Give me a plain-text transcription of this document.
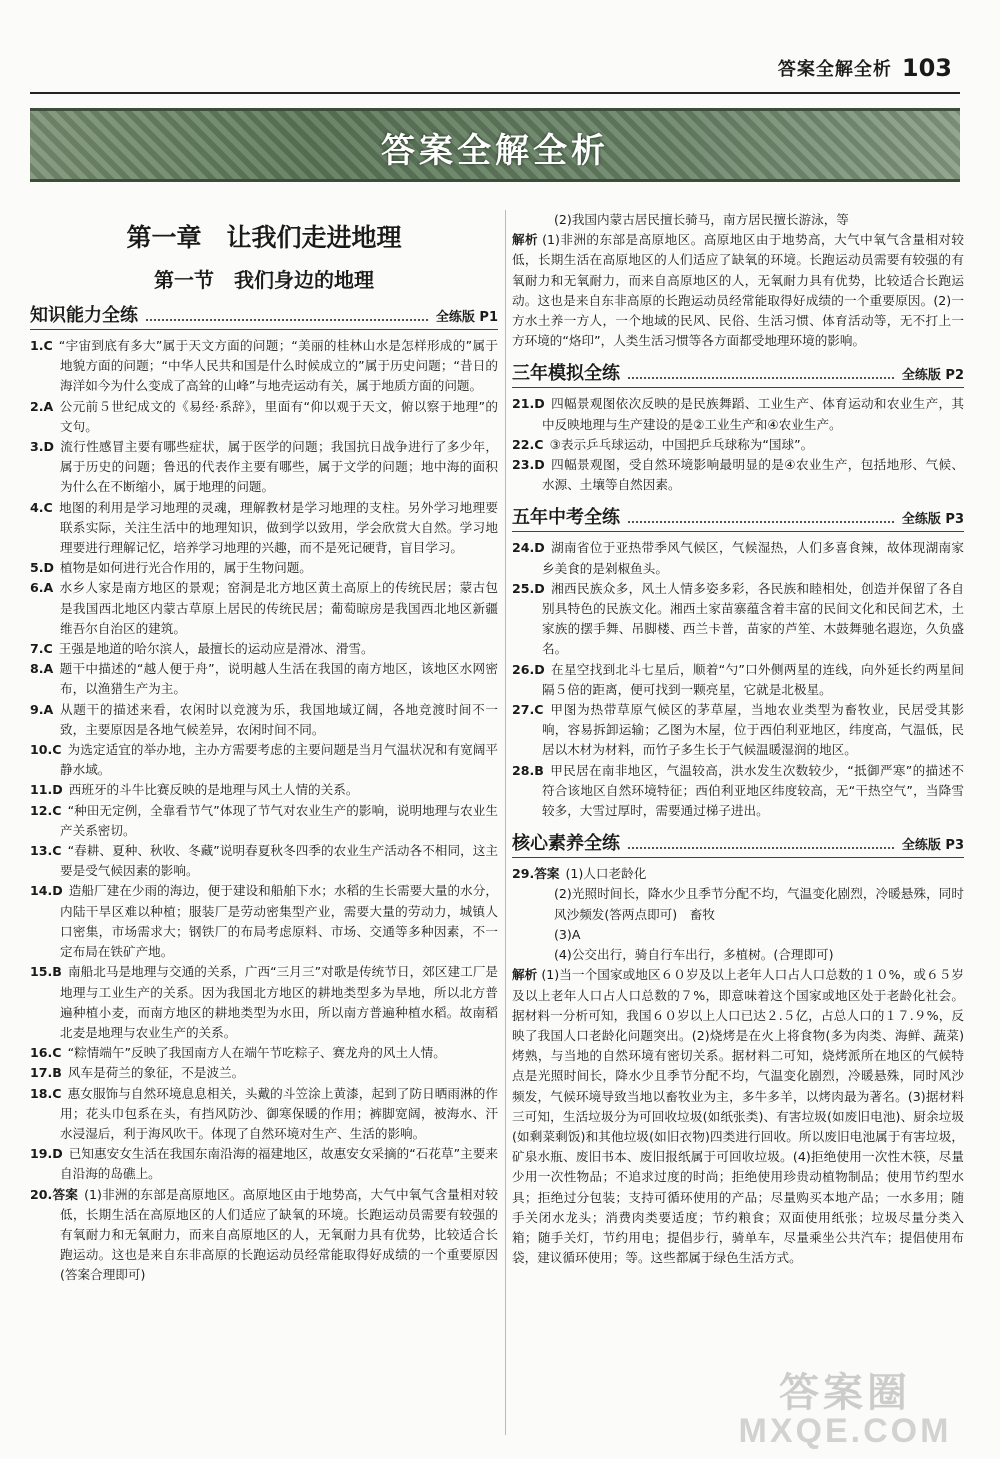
答案全解全析 103
答案全解全析
第一章　让我们走进地理
第一节　我们身边的地理
知识能力全练	全练版 P1

1.C “宇宙到底有多大”属于天文方面的问题；“美丽的桂林山水是怎样形成的”属于地貌方面的问题；“中华人民共和国是什么时候成立的”属于历史问题；“昔日的海洋如今为什么变成了高耸的山峰”与地壳运动有关，属于地质方面的问题。

2.A 公元前５世纪成文的《易经·系辞》，里面有“仰以观于天文，俯以察于地理”的文句。

3.D 流行性感冒主要有哪些症状，属于医学的问题；我国抗日战争进行了多少年，属于历史的问题；鲁迅的代表作主要有哪些，属于文学的问题；地中海的面积为什么在不断缩小，属于地理的问题。

4.C 地图的利用是学习地理的灵魂，理解教材是学习地理的支柱。另外学习地理要联系实际，关注生活中的地理知识，做到学以致用，学会欣赏大自然。学习地理要进行理解记忆，培养学习地理的兴趣，而不是死记硬背，盲目学习。

5.D 植物是如何进行光合作用的，属于生物问题。

6.A 水乡人家是南方地区的景观；窑洞是北方地区黄土高原上的传统民居；蒙古包是我国西北地区内蒙古草原上居民的传统民居；葡萄晾房是我国西北地区新疆维吾尔自治区的建筑。

7.C 王强是地道的哈尔滨人，最擅长的运动应是滑冰、滑雪。

8.A 题干中描述的“越人便于舟”，说明越人生活在我国的南方地区，该地区水网密布，以渔猎生产为主。

9.A 从题干的描述来看，农闲时以竞渡为乐，我国地域辽阔，各地竞渡时间不一致，主要原因是各地气候差异，农闲时间不同。

10.C 为选定适宜的举办地，主办方需要考虑的主要问题是当月气温状况和有宽阔平静水域。

11.D 西班牙的斗牛比赛反映的是地理与风土人情的关系。

12.C “种田无定例，全靠看节气”体现了节气对农业生产的影响，说明地理与农业生产关系密切。

13.C “春耕、夏种、秋收、冬藏”说明春夏秋冬四季的农业生产活动各不相同，这主要是受气候因素的影响。

14.D 造船厂建在少雨的海边，便于建设和船舶下水；水稻的生长需要大量的水分，内陆干旱区难以种植；服装厂是劳动密集型产业，需要大量的劳动力，城镇人口密集，市场需求大；钢铁厂的布局考虑原料、市场、交通等多种因素，不一定布局在铁矿产地。

15.B 南船北马是地理与交通的关系，广西“三月三”对歌是传统节日，郊区建工厂是地理与工业生产的关系。因为我国北方地区的耕地类型多为旱地，所以北方普遍种植小麦，而南方地区的耕地类型为水田，所以南方普遍种植水稻。故南稻北麦是地理与农业生产的关系。

16.C “粽情端午”反映了我国南方人在端午节吃粽子、赛龙舟的风土人情。

17.B 风车是荷兰的象征，不是波兰。

18.C 惠女服饰与自然环境息息相关，头戴的斗笠涂上黄漆，起到了防日晒雨淋的作用；花头巾包系在头，有挡风防沙、御寒保暖的作用；裤脚宽阔，被海水、汗水浸湿后，利于海风吹干。体现了自然环境对生产、生活的影响。

19.D 已知惠安女生活在我国东南沿海的福建地区，故惠安女采摘的“石花草”主要来自沿海的岛礁上。

20.答案 (1)非洲的东部是高原地区。高原地区由于地势高，大气中氧气含量相对较低，长期生活在高原地区的人们适应了缺氧的环境。长跑运动员需要有较强的有氧耐力和无氧耐力，而来自高原地区的人，无氧耐力具有优势，比较适合长跑运动。这也是来自东非高原的长跑运动员经常能取得好成绩的一个重要原因(答案合理即可)

(2)我国内蒙古居民擅长骑马，南方居民擅长游泳，等

解析 (1)非洲的东部是高原地区。高原地区由于地势高，大气中氧气含量相对较低，长期生活在高原地区的人们适应了缺氧的环境。长跑运动员需要有较强的有氧耐力和无氧耐力，而来自高原地区的人，无氧耐力具有优势，比较适合长跑运动。这也是来自东非高原的长跑运动员经常能取得好成绩的一个重要原因。(2)一方水土养一方人，一个地域的民风、民俗、生活习惯、体育活动等，无不打上一方环境的“烙印”，人类生活习惯等各方面都受地理环境的影响。

三年模拟全练	全练版 P2

21.D 四幅景观图依次反映的是民族舞蹈、工业生产、体育运动和农业生产，其中反映地理与生产建设的是②工业生产和④农业生产。

22.C ③表示乒乓球运动，中国把乒乓球称为“国球”。

23.D 四幅景观图，受自然环境影响最明显的是④农业生产，包括地形、气候、水源、土壤等自然因素。

五年中考全练	全练版 P3

24.D 湖南省位于亚热带季风气候区，气候湿热，人们多喜食辣，故体现湖南家乡美食的是剁椒鱼头。

25.D 湘西民族众多，风土人情多姿多彩，各民族和睦相处，创造并保留了各自别具特色的民族文化。湘西土家苗寨蕴含着丰富的民间文化和民间艺术，土家族的摆手舞、吊脚楼、西兰卡普，苗家的芦笙、木鼓舞驰名遐迩，久负盛名。

26.D 在星空找到北斗七星后，顺着“勺”口外侧两星的连线，向外延长约两星间隔５倍的距离，便可找到一颗亮星，它就是北极星。

27.C 甲图为热带草原气候区的茅草屋，当地农业类型为畜牧业，民居受其影响，容易拆卸运输；乙图为木屋，位于西伯利亚地区，纬度高，气温低，民居以木材为材料，而竹子多生长于气候温暖湿润的地区。

28.B 甲民居在南非地区，气温较高，洪水发生次数较少，“抵御严寒”的描述不符合该地区自然环境特征；西伯利亚地区纬度较高，无“干热空气”，当降雪较多，大雪过厚时，需要通过梯子进出。

核心素养全练	全练版 P3

29.答案 (1)人口老龄化

(2)光照时间长，降水少且季节分配不均，气温变化剧烈，冷暖悬殊，同时风沙频发(答两点即可)　畜牧

(3)A

(4)公交出行，骑自行车出行，多植树。(合理即可)

解析 (1)当一个国家或地区６０岁及以上老年人口占人口总数的１０%，或６５岁及以上老年人口占人口总数的７%，即意味着这个国家或地区处于老龄化社会。据材料一分析可知，我国６０岁以上人口已达２.５亿，占总人口的１７.９%，反映了我国人口老龄化问题突出。(2)烧烤是在火上将食物(多为肉类、海鲜、蔬菜)烤熟，与当地的自然环境有密切关系。据材料二可知，烧烤派所在地区的气候特点是光照时间长，降水少且季节分配不均，气温变化剧烈，冷暖悬殊，同时风沙频发，气候环境导致当地以畜牧业为主，多牛多羊，以烤肉最为著名。(3)据材料三可知，生活垃圾分为可回收垃圾(如纸张类)、有害垃圾(如废旧电池)、厨余垃圾(如剩菜剩饭)和其他垃圾(如旧衣物)四类进行回收。所以废旧电池属于有害垃圾，矿泉水瓶、废旧书本、废旧报纸属于可回收垃圾。(4)拒绝使用一次性木筷，尽量少用一次性物品；不追求过度的时尚；拒绝使用珍贵动植物制品；使用节约型水具；拒绝过分包装；支持可循环使用的产品；尽量购买本地产品；一水多用；随手关闭水龙头；消费肉类要适度；节约粮食；双面使用纸张；垃圾尽量分类入箱；随手关灯，节约用电；提倡步行，骑单车，尽量乘坐公共汽车；提倡使用布袋，建议循环使用；等。这些都属于绿色生活方式。

答案圈
MXQE.COM
